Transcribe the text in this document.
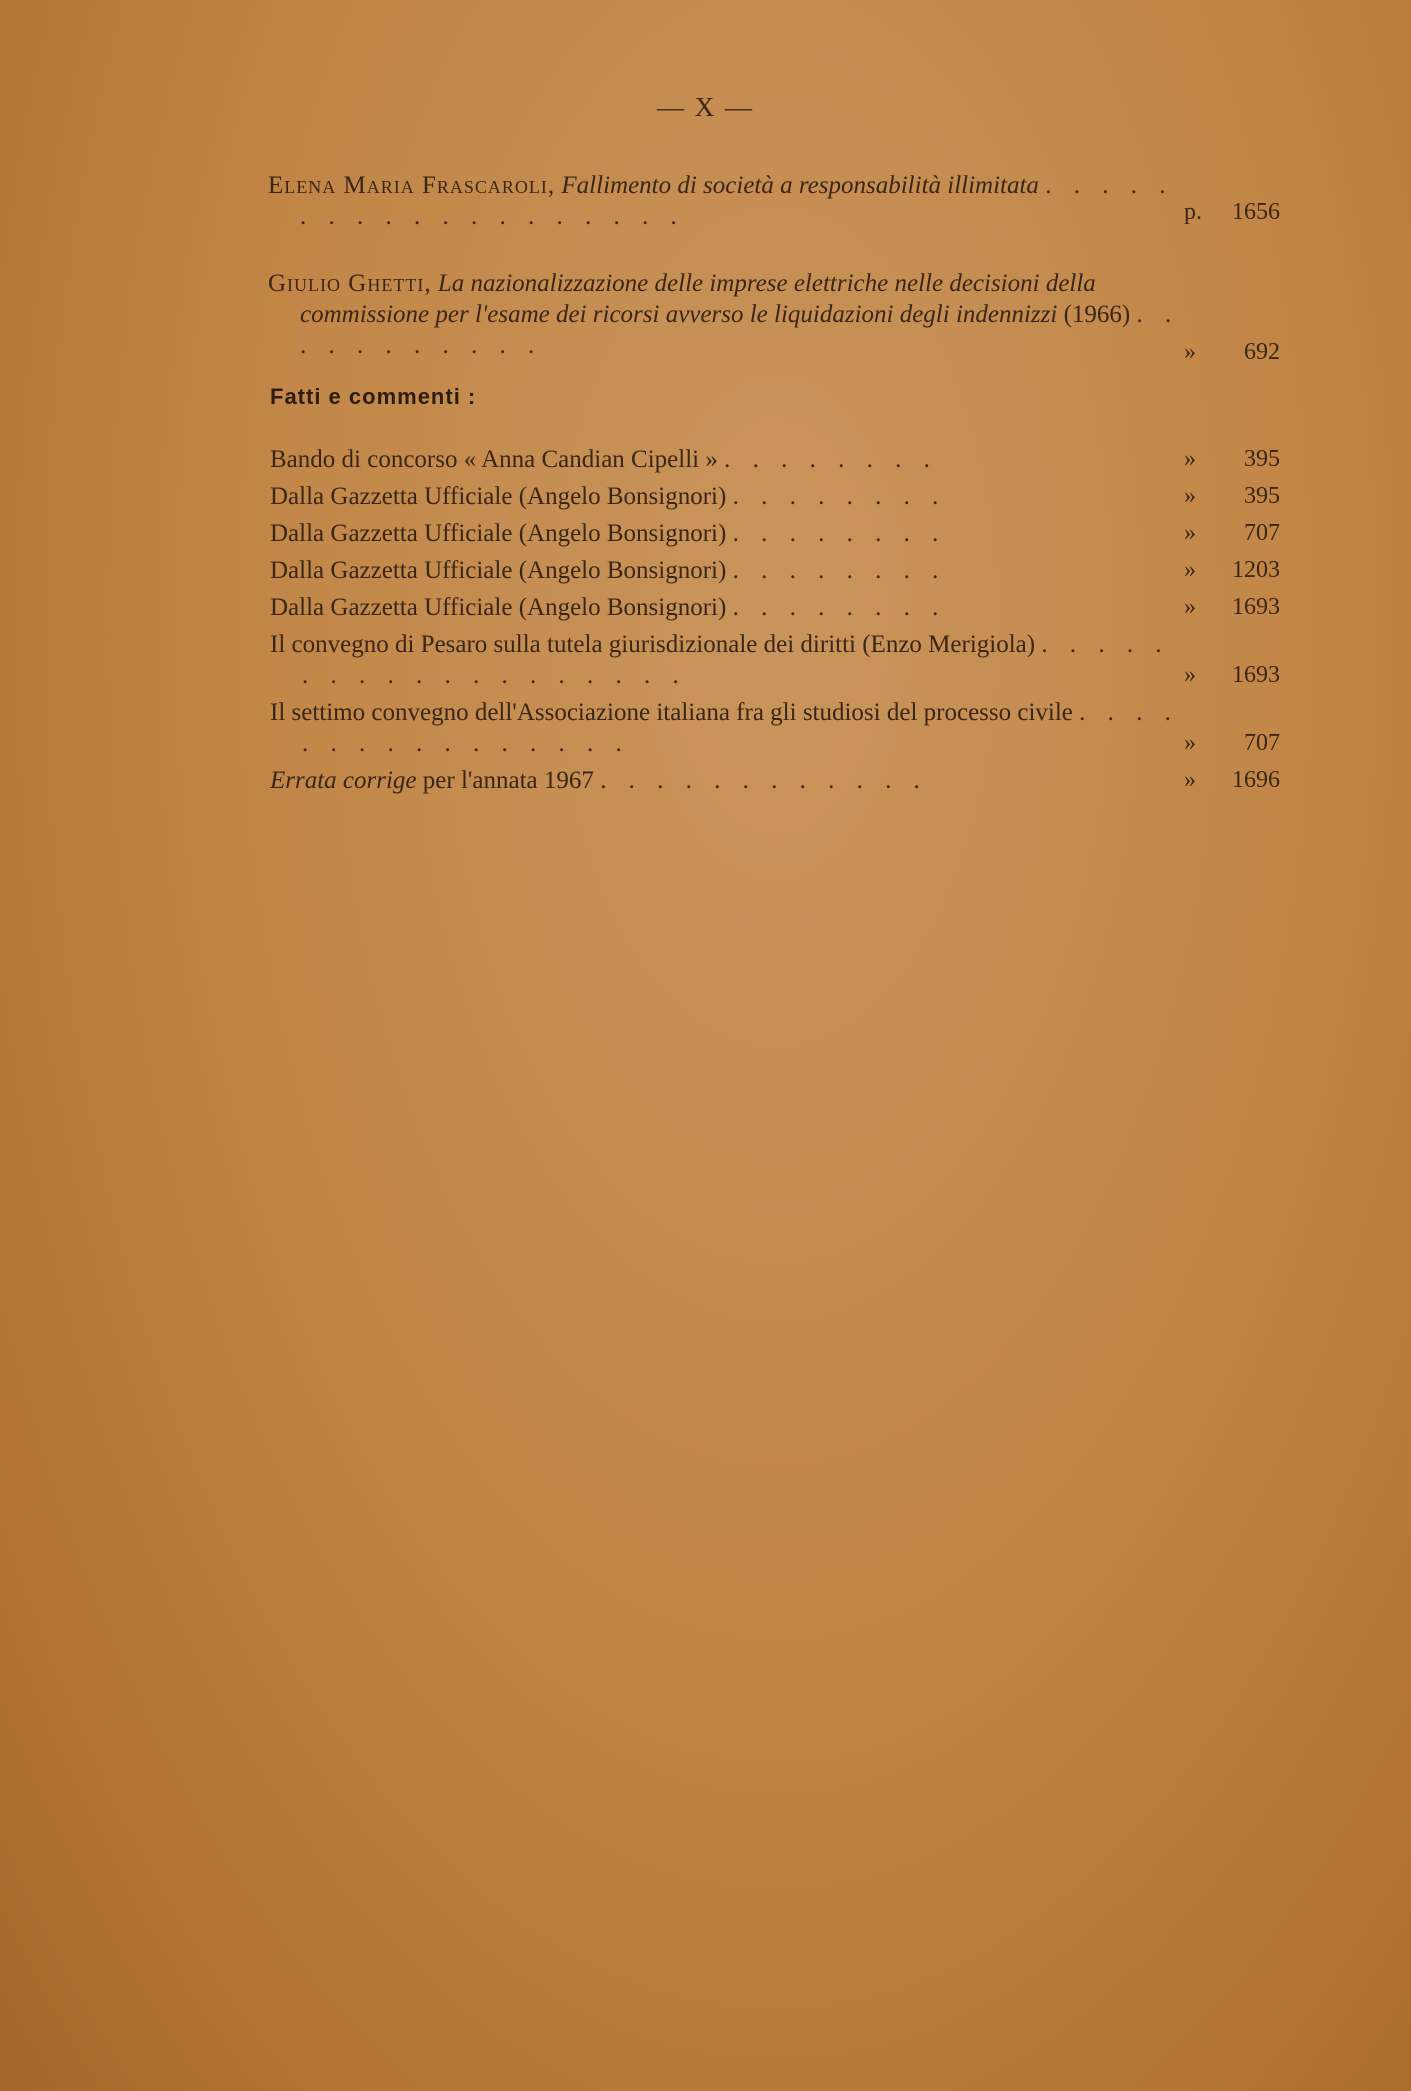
— X —
Elena Maria Frascaroli, Fallimento di società a responsabilità illimitata . . . . . . . . . . . . . . . . . . .	p. 1656
Giulio Ghetti, La nazionalizzazione delle imprese elettriche nelle decisioni della commissione per l'esame dei ricorsi avverso le liquidazioni degli indennizzi (1966) . . . . . . . . . . .	» 692
Fatti e commenti :
Bando di concorso « Anna Candian Cipelli » . . . . . . . .	» 395
Dalla Gazzetta Ufficiale (Angelo Bonsignori) . . . . . . . .	» 395
Dalla Gazzetta Ufficiale (Angelo Bonsignori) . . . . . . . .	» 707
Dalla Gazzetta Ufficiale (Angelo Bonsignori) . . . . . . . .	» 1203
Dalla Gazzetta Ufficiale (Angelo Bonsignori) . . . . . . . .	» 1693
Il convegno di Pesaro sulla tutela giurisdizionale dei diritti (Enzo Merigiola) . . . . . . . . . . . . . . . . . . .	» 1693
Il settimo convegno dell'Associazione italiana fra gli studiosi del processo civile . . . . . . . . . . . . . . . .	» 707
Errata corrige per l'annata 1967 . . . . . . . . . . . .	» 1696
